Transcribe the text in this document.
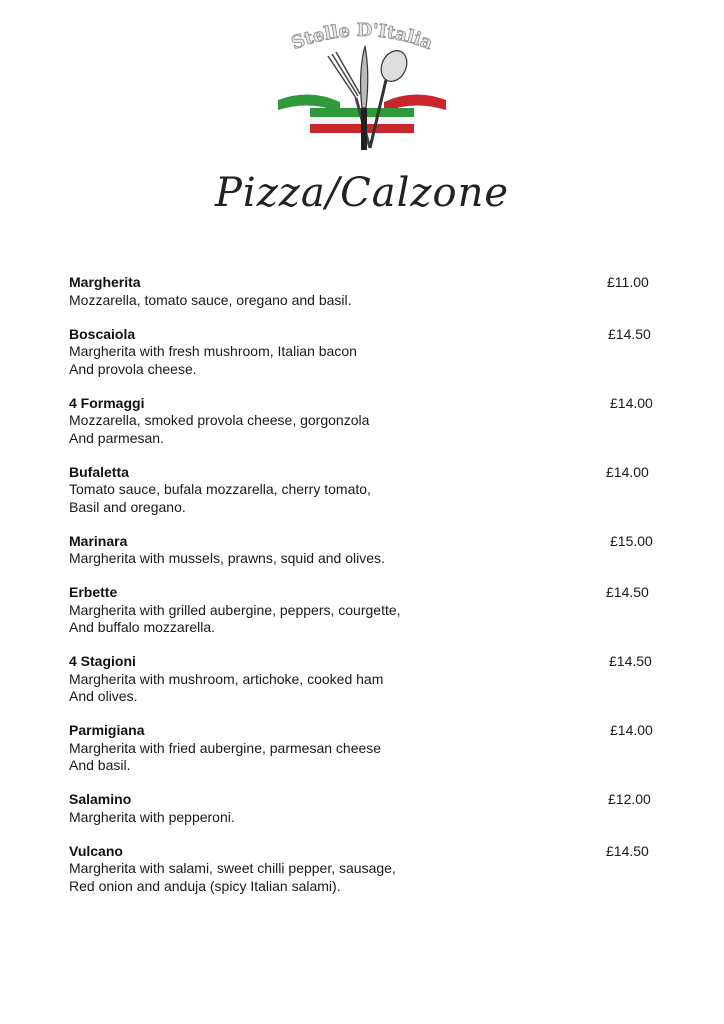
Stelle D'Italia
Pizza/Calzone
Margherita	£11.00
Mozzarella, tomato sauce, oregano and basil.
Boscaiola	£14.50
Margherita with fresh mushroom, Italian bacon
And provola cheese.
4 Formaggi	£14.00
Mozzarella, smoked provola cheese, gorgonzola
And parmesan.
Bufaletta	£14.00
Tomato sauce, bufala mozzarella, cherry tomato,
Basil and oregano.
Marinara	£15.00
Margherita with mussels, prawns, squid and olives.
Erbette	£14.50
Margherita with grilled aubergine, peppers, courgette,
And buffalo mozzarella.
4 Stagioni	£14.50
Margherita with mushroom, artichoke, cooked ham
And olives.
Parmigiana	£14.00
Margherita with fried aubergine, parmesan cheese
And basil.
Salamino	£12.00
Margherita with pepperoni.
Vulcano	£14.50
Margherita with salami, sweet chilli pepper, sausage,
Red onion and anduja (spicy Italian salami).
